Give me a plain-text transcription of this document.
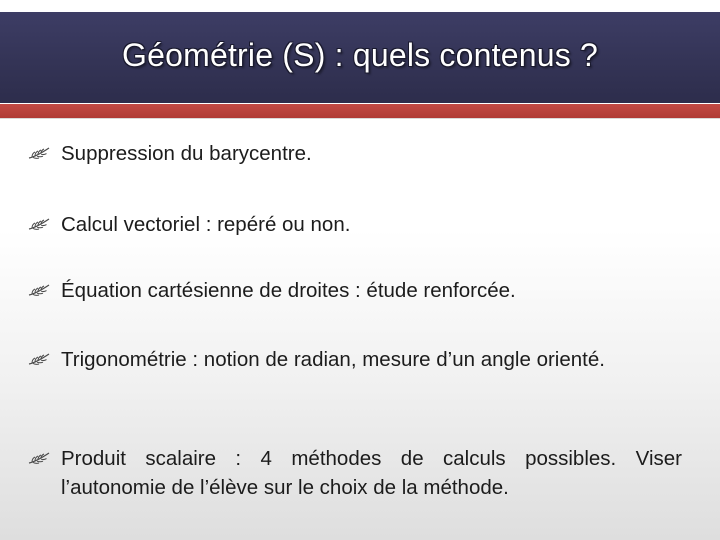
Géométrie (S) : quels contenus ?
Suppression du barycentre.
Calcul vectoriel : repéré ou non.
Équation cartésienne de droites : étude renforcée.
Trigonométrie : notion de radian, mesure d’un angle orienté.
Produit scalaire : 4 méthodes de calculs possibles. Viser l’autonomie de l’élève sur le choix de la méthode.
